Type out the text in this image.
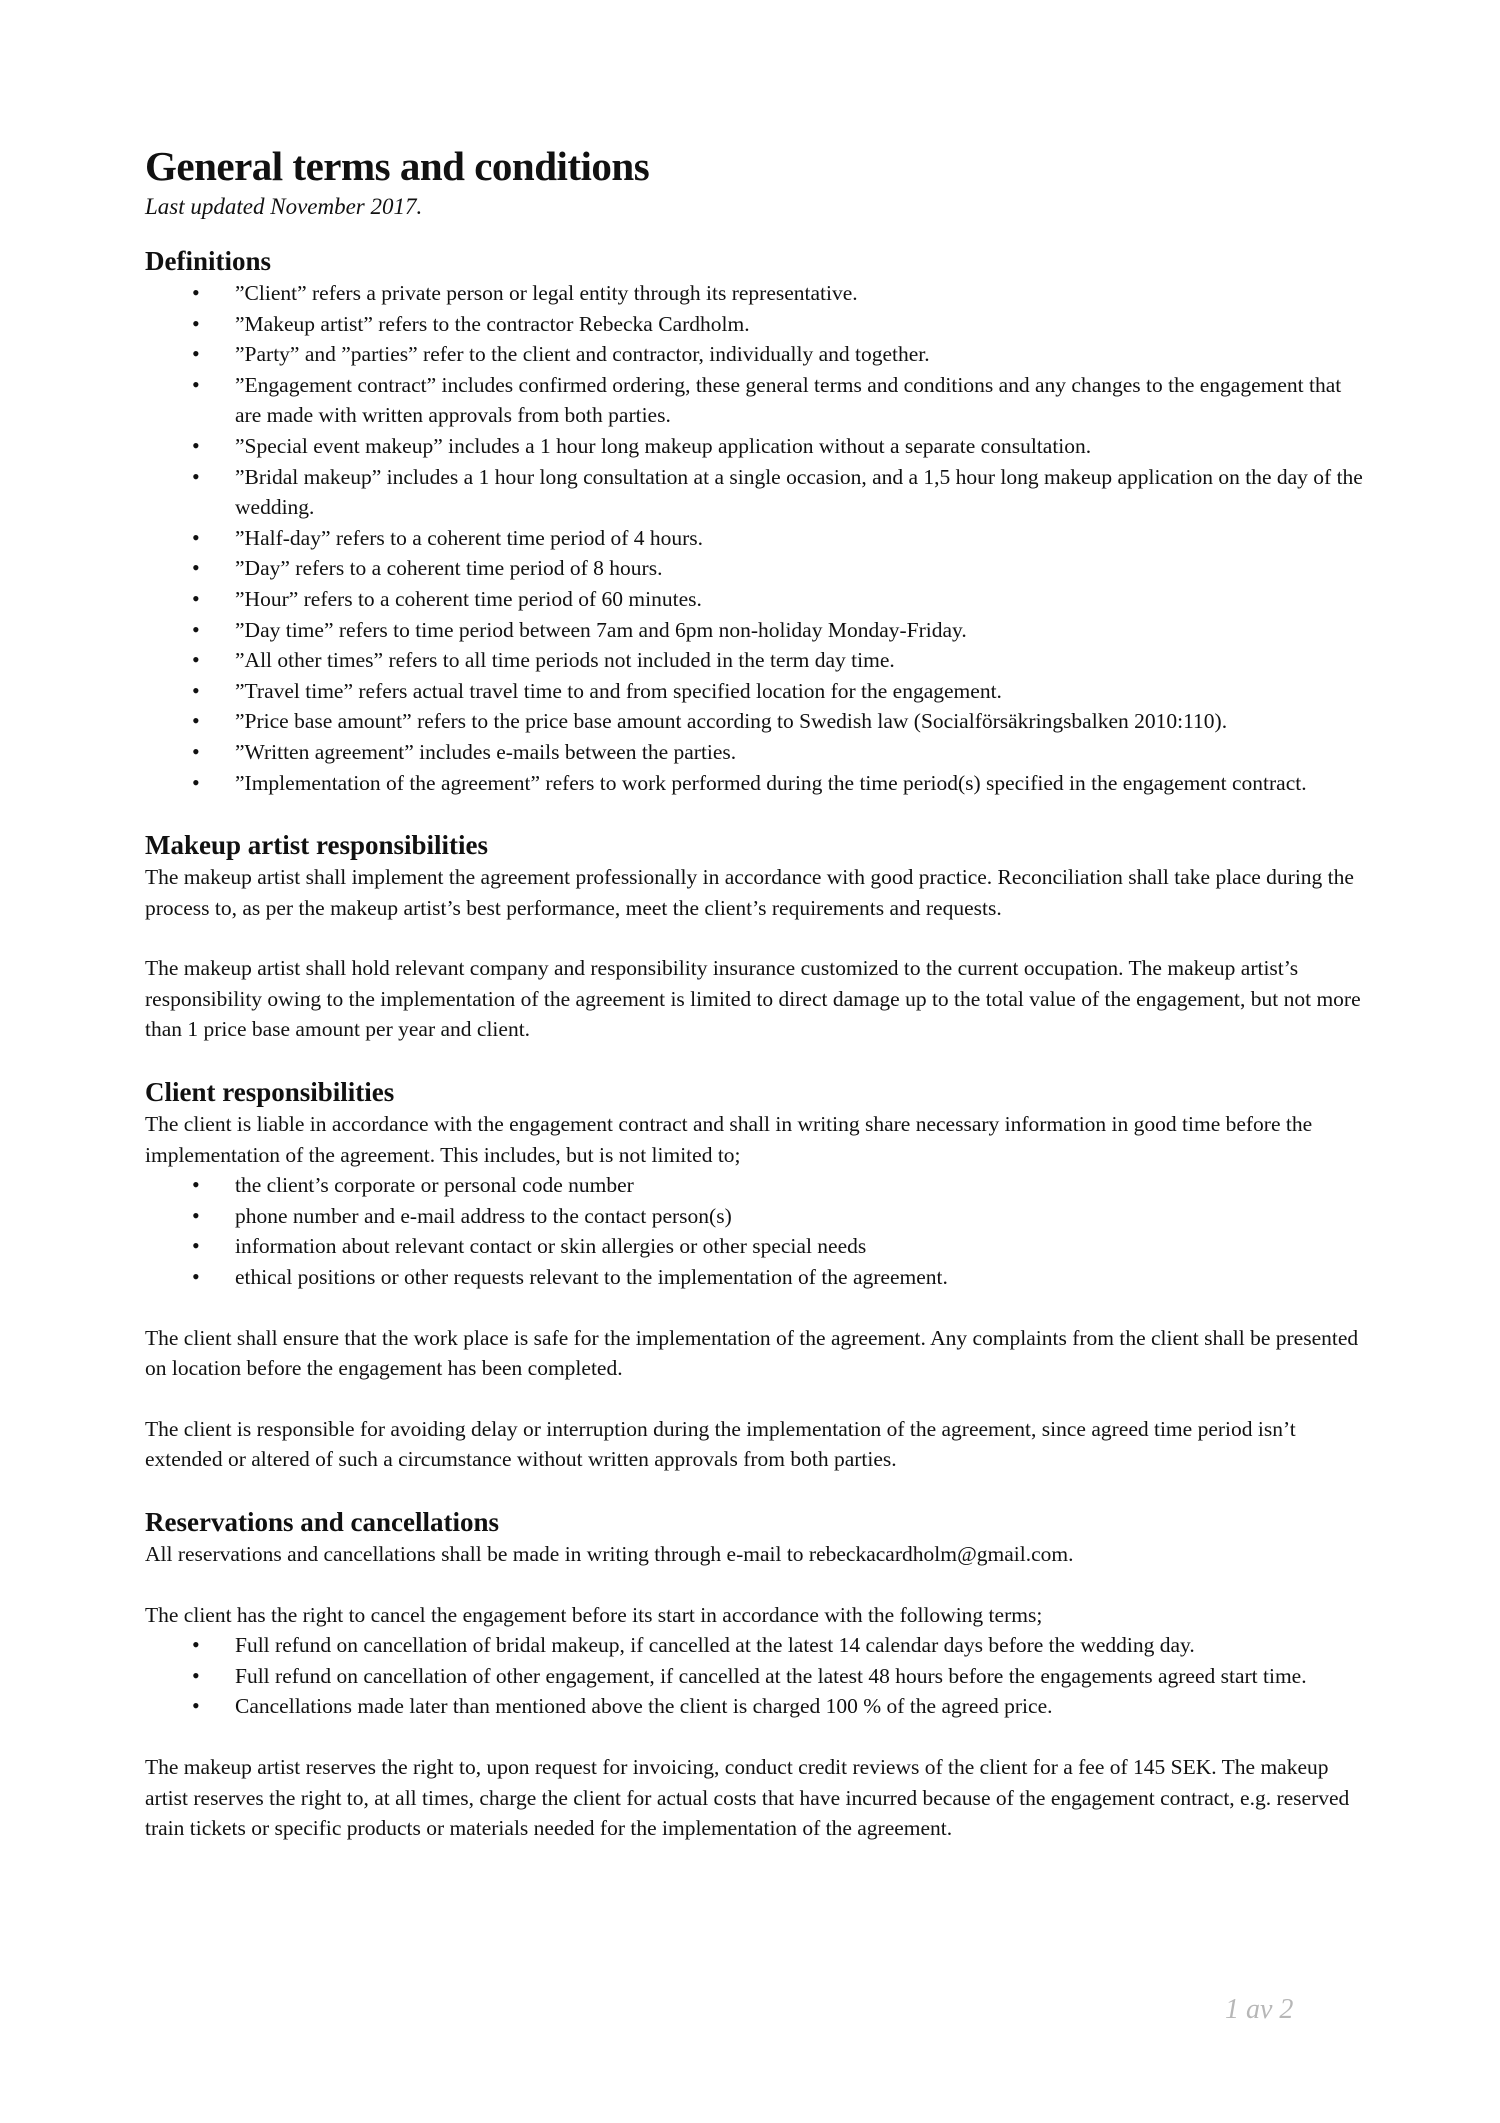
General terms and conditions
Last updated November 2017.
Definitions
• ”Client” refers a private person or legal entity through its representative.
• ”Makeup artist” refers to the contractor Rebecka Cardholm.
• ”Party” and ”parties” refer to the client and contractor, individually and together.
• ”Engagement contract” includes confirmed ordering, these general terms and conditions and any changes to the engagement that are made with written approvals from both parties.
• ”Special event makeup” includes a 1 hour long makeup application without a separate consultation.
• ”Bridal makeup” includes a 1 hour long consultation at a single occasion, and a 1,5 hour long makeup application on the day of the wedding.
• ”Half-day” refers to a coherent time period of 4 hours.
• ”Day” refers to a coherent time period of 8 hours.
• ”Hour” refers to a coherent time period of 60 minutes.
• ”Day time” refers to time period between 7am and 6pm non-holiday Monday-Friday.
• ”All other times” refers to all time periods not included in the term day time.
• ”Travel time” refers actual travel time to and from specified location for the engagement.
• ”Price base amount” refers to the price base amount according to Swedish law (Socialförsäkringsbalken 2010:110).
• ”Written agreement” includes e-mails between the parties.
• ”Implementation of the agreement” refers to work performed during the time period(s) specified in the engagement contract.
Makeup artist responsibilities

The makeup artist shall implement the agreement professionally in accordance with good practice. Reconciliation shall take place during the process to, as per the makeup artist’s best performance, meet the client’s requirements and requests.

The makeup artist shall hold relevant company and responsibility insurance customized to the current occupation. The makeup artist’s responsibility owing to the implementation of the agreement is limited to direct damage up to the total value of the engagement, but not more than 1 price base amount per year and client.

Client responsibilities

The client is liable in accordance with the engagement contract and shall in writing share necessary information in good time before the implementation of the agreement. This includes, but is not limited to;

• the client’s corporate or personal code number
• phone number and e-mail address to the contact person(s)
• information about relevant contact or skin allergies or other special needs
• ethical positions or other requests relevant to the implementation of the agreement.

The client shall ensure that the work place is safe for the implementation of the agreement. Any complaints from the client shall be presented on location before the engagement has been completed.

The client is responsible for avoiding delay or interruption during the implementation of the agreement, since agreed time period isn’t extended or altered of such a circumstance without written approvals from both parties.

Reservations and cancellations

All reservations and cancellations shall be made in writing through e-mail to rebeckacardholm@gmail.com.

The client has the right to cancel the engagement before its start in accordance with the following terms;

• Full refund on cancellation of bridal makeup, if cancelled at the latest 14 calendar days before the wedding day.
• Full refund on cancellation of other engagement, if cancelled at the latest 48 hours before the engagements agreed start time.
• Cancellations made later than mentioned above the client is charged 100 % of the agreed price.

The makeup artist reserves the right to, upon request for invoicing, conduct credit reviews of the client for a fee of 145 SEK. The makeup artist reserves the right to, at all times, charge the client for actual costs that have incurred because of the engagement contract, e.g. reserved train tickets or specific products or materials needed for the implementation of the agreement.

1 av 2
